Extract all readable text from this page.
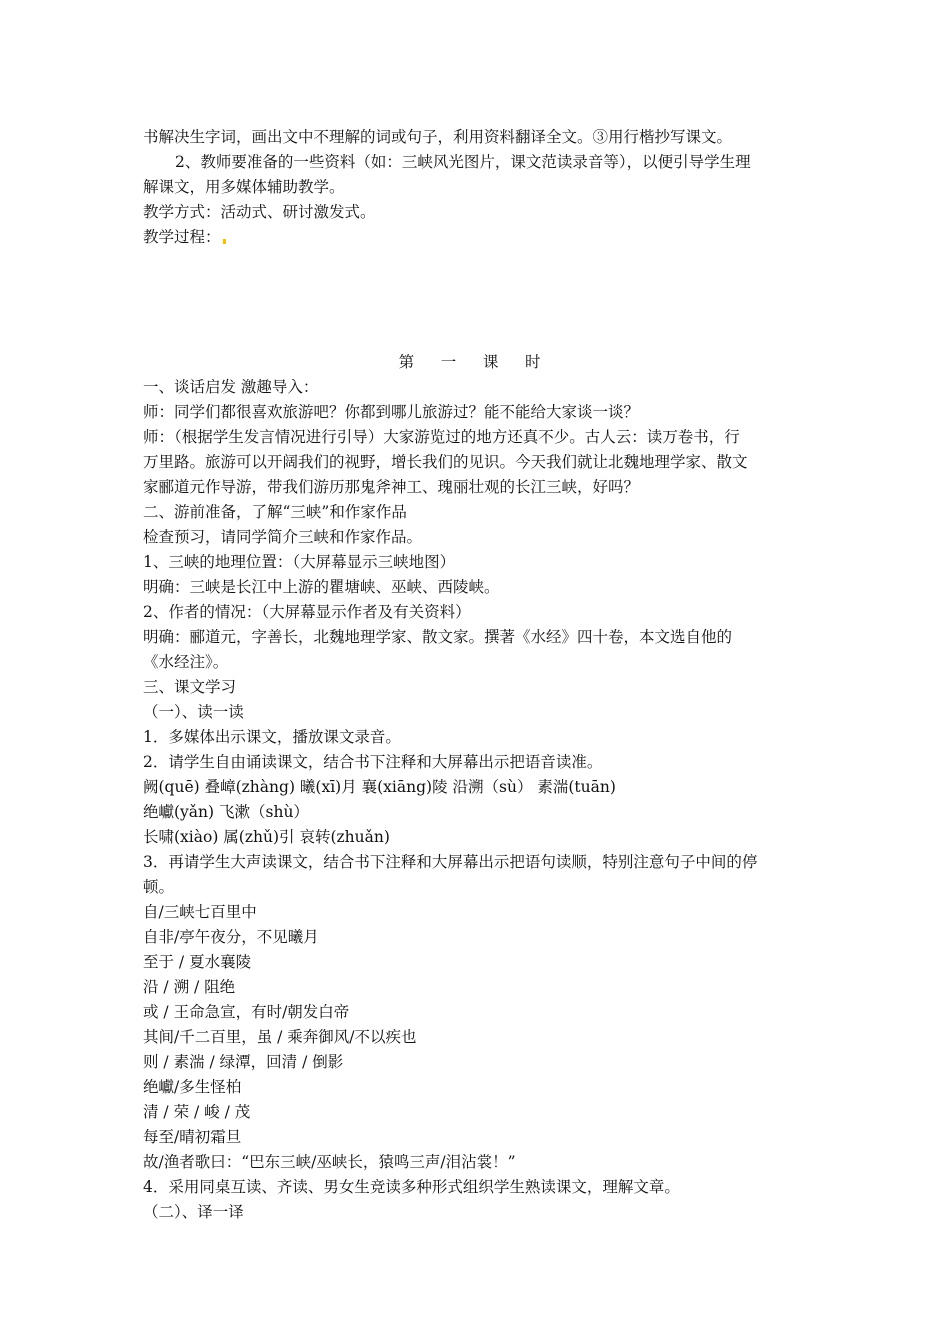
书解决生字词，画出文中不理解的词或句子，利用资料翻译全文。③用行楷抄写课文。
2、教师要准备的一些资料（如：三峡风光图片，课文范读录音等），以便引导学生理
解课文，用多媒体辅助教学。
教学方式：活动式、研讨激发式。
教学过程：
第 一 课 时
一、谈话启发 激趣导入：
师：同学们都很喜欢旅游吧？你都到哪儿旅游过？能不能给大家谈一谈？
师：（根据学生发言情况进行引导）大家游览过的地方还真不少。古人云：读万卷书，行
万里路。旅游可以开阔我们的视野，增长我们的见识。今天我们就让北魏地理学家、散文
家郦道元作导游，带我们游历那鬼斧神工、瑰丽壮观的长江三峡，好吗？
二、游前准备，了解“三峡”和作家作品
检查预习，请同学简介三峡和作家作品。
1、三峡的地理位置：（大屏幕显示三峡地图）
明确：三峡是长江中上游的瞿塘峡、巫峡、西陵峡。
2、作者的情况：（大屏幕显示作者及有关资料）
明确：郦道元，字善长，北魏地理学家、散文家。撰著《水经》四十卷，本文选自他的
《水经注》。
三、课文学习
（一）、读一读
1．多媒体出示课文，播放课文录音。
2．请学生自由诵读课文，结合书下注释和大屏幕出示把语音读准。
阙(quē) 叠嶂(zhàng) 曦(xī)月 襄(xiāng)陵 沿溯（sù） 素湍(tuān)
绝巘(yǎn) 飞漱（shù）
长啸(xiào) 属(zhǔ)引 哀转(zhuǎn)
3．再请学生大声读课文，结合书下注释和大屏幕出示把语句读顺，特别注意句子中间的停
顿。
自/三峡七百里中
自非/亭午夜分，不见曦月
至于 / 夏水襄陵
沿 / 溯 / 阻绝
或 / 王命急宣，有时/朝发白帝
其间/千二百里，虽 / 乘奔御风/不以疾也
则 / 素湍 / 绿潭，回清 / 倒影
绝巘/多生怪柏
清 / 荣 / 峻 / 茂
每至/晴初霜旦
故/渔者歌曰：“巴东三峡/巫峡长，猿鸣三声/泪沾裳！”
4．采用同桌互读、齐读、男女生竞读多种形式组织学生熟读课文，理解文章。
（二）、译一译
